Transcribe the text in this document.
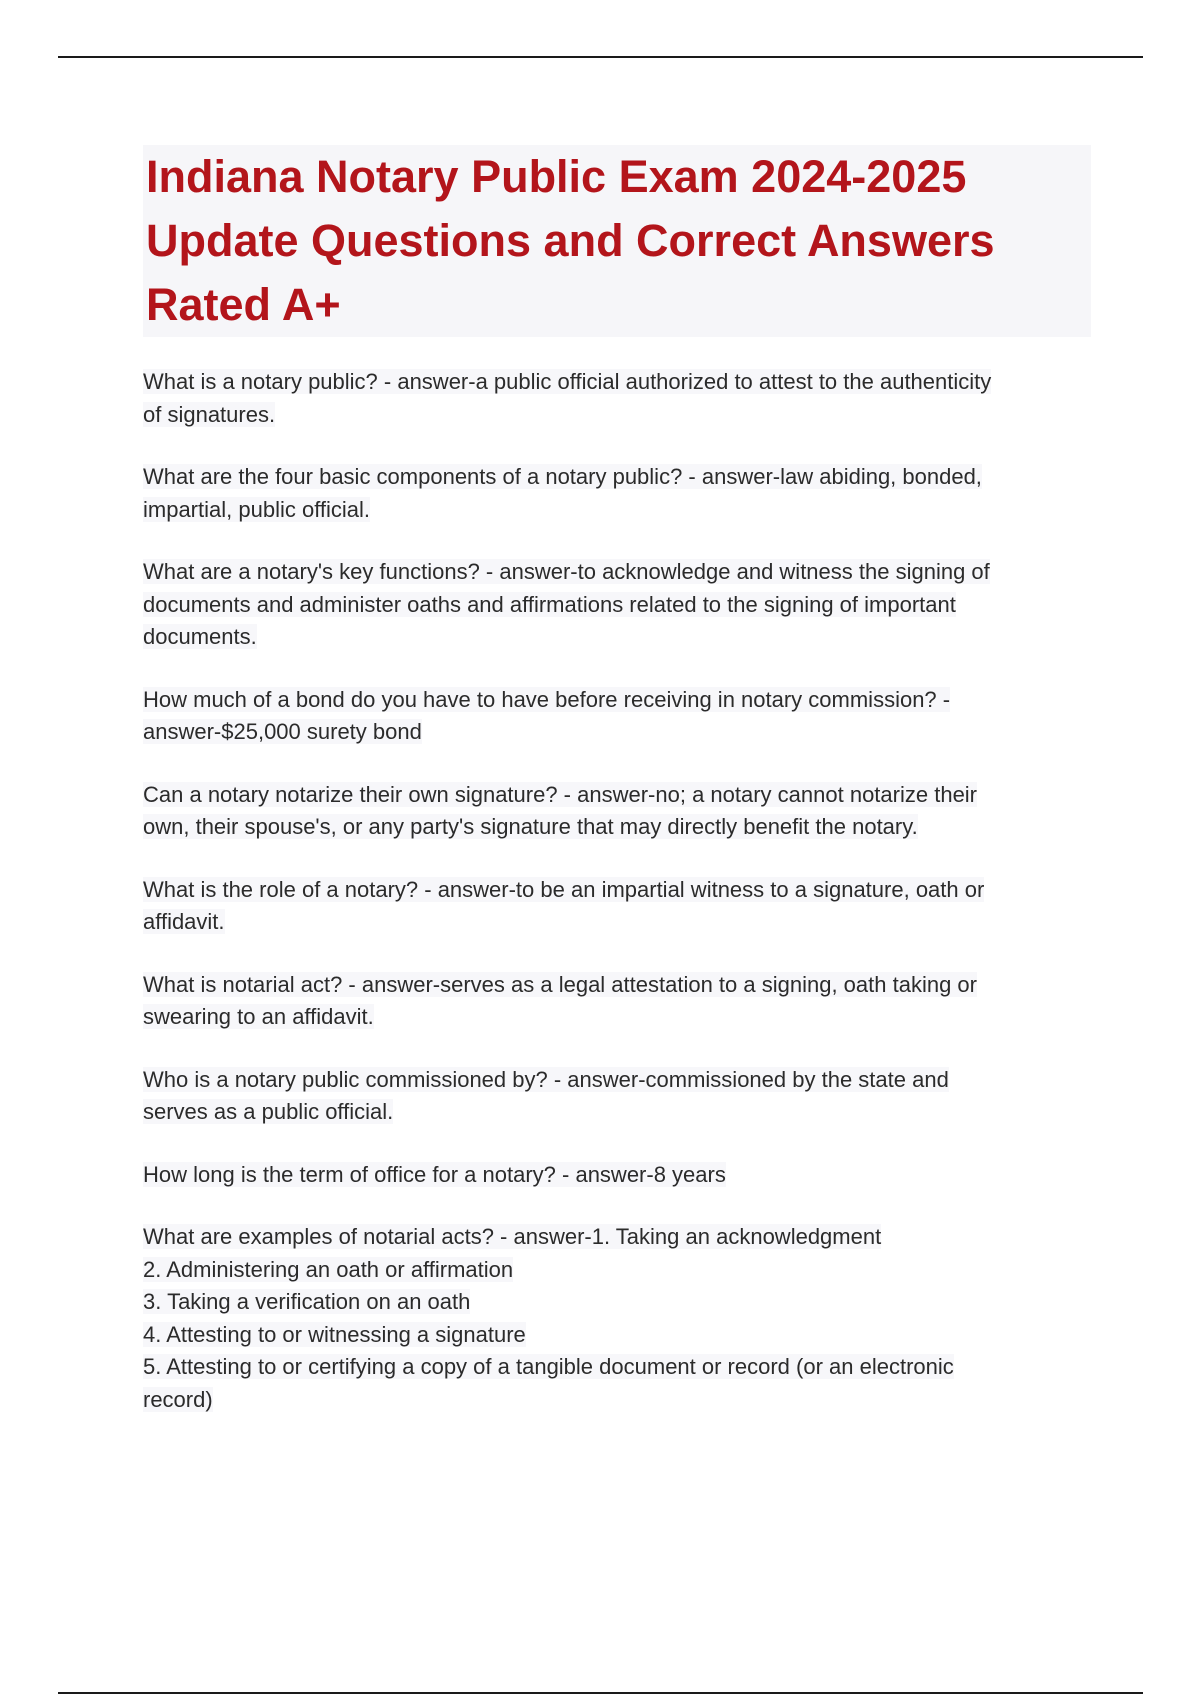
Indiana Notary Public Exam 2024-2025
Update Questions and Correct Answers
Rated A+

What is a notary public? - answer-a public official authorized to attest to the authenticity
of signatures.

What are the four basic components of a notary public? - answer-law abiding, bonded,
impartial, public official.

What are a notary's key functions? - answer-to acknowledge and witness the signing of
documents and administer oaths and affirmations related to the signing of important
documents.

How much of a bond do you have to have before receiving in notary commission? -
answer-$25,000 surety bond

Can a notary notarize their own signature? - answer-no; a notary cannot notarize their
own, their spouse's, or any party's signature that may directly benefit the notary.

What is the role of a notary? - answer-to be an impartial witness to a signature, oath or
affidavit.

What is notarial act? - answer-serves as a legal attestation to a signing, oath taking or
swearing to an affidavit.

Who is a notary public commissioned by? - answer-commissioned by the state and
serves as a public official.

How long is the term of office for a notary? - answer-8 years

What are examples of notarial acts? - answer-1. Taking an acknowledgment
2. Administering an oath or affirmation
3. Taking a verification on an oath
4. Attesting to or witnessing a signature
5. Attesting to or certifying a copy of a tangible document or record (or an electronic
record)
